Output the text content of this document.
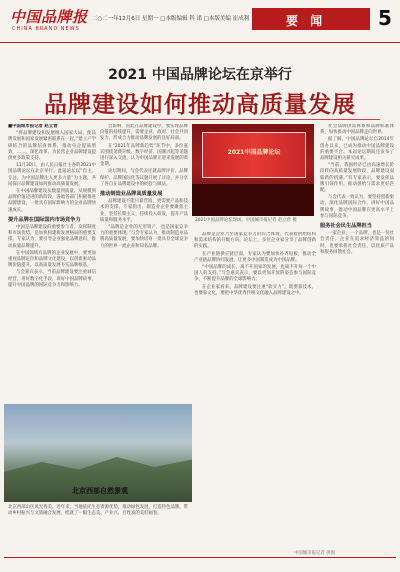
中国品牌报
CHINA BRAND NEWS
二○二一年12月6日 星期一 □本版编辑 科 诺 □本版美编 崔成利	要 闻	5
2021 中国品牌论坛在京举行
品牌建设如何推动高质量发展

■中国城市报记者 赵立营

“将品牌建设和发展纳入国家大局，使品牌发展和国家发展紧密联系在一起，”建立产学研结合的品牌培育体系，推动央企提质增效，……，深化改革，为民营企业品牌建设提供更多政策支持。

11月30日，由人民日报社主办的2021中国品牌论坛在北京举行。此届论坛以“自主、专注，为中国品牌注入更多力量”为主题，共同探讨品牌建设如何推动高质量发展。

在中国品牌建设从数量到质量、从规模到品牌价值迈进的新阶段，各地各部门积极推进品牌建设，一批具有国际影响力的企业品牌快速成长。

提升品牌在国际国内市场竞争力

中国是品牌建设的重要参与者，发挥制度和市场优势，是加快构建新发展格局的重要支撑。专家认为，要引导企业强化品牌意识，推动质量品牌提升。

在中国领域有品牌的企业发展中，要更加重视品牌定位和品牌文化建设，以创新驱动品牌价值提升，以高质量发展夯实品牌根基。

与会嘉宾表示，当前品牌建设要注重诚信经营，用好数字化手段，讲好中国品牌故事，提升中国品牌的国际竞争力和影响力。

会影响，因此在品牌建设中，要实现品牌价值的持续提升，需要企业、政府、社会共同发力，形成合力推动品牌发展的良好局面。

在“2021年品牌新趋势”环节中，多位嘉宾围绕消费升级、数字经济、国潮兴起等话题进行深入交流，认为中国品牌正迎来发展的黄金期。

论坛期间，与会代表还就品牌评价、品牌保护、品牌国际化等议题开展了讨论，并分享了各自在品牌建设中的经验与做法。

推动制造业品牌高质量发展

品牌建设不能只靠营销，更需要产品和技术的支撑。专家指出，制造业企业要聚焦主业，坚持长期主义，持续投入研发，提升产品质量和服务水平。

“品牌是企业的无形资产，也是国家竞争力的重要体现。”与会专家认为，推动制造业品牌高质量发展，要加快培育一批具有全球竞争力的世界一流企业和知名品牌。

2021中国品牌论坛
2021中国品牌论坛现场。中国城市报记者 赵立营 摄

品牌是企业乃至国家竞争力的综合体现，代表着供给结构和需求结构的升级方向。论坛上，多位企业家分享了品牌创新的实践。

在产业链供应链层面，专家认为要加快补齐短板，推动全产业链品牌协同发展，让更多中国制造成为中国品牌。

“中国品牌的成长，离不开国家的发展，也离不开每一个中国人的支持。”与会嘉宾表示，要以更加开放的姿态参与国际竞争，不断提升品牌的全球影响力。

在企业家看来，品牌建设要注重“软实力”，既要靠技术，也要靠文化，要把中华优秀传统文化融入品牌建设之中。

社会品牌供需体系和品牌标准体系，加快推动中国品牌走向世界。

据了解，中国品牌论坛自2014年创办以来，已成为推动中国品牌建设的重要平台。本届论坛期间还发布了品牌建设相关研究成果。

“当前，我国经济已由高速增长阶段转向高质量发展阶段，品牌建设面临新的机遇。”有专家表示，要发挥品牌引领作用，推动供给与需求更好匹配。

与会代表一致认为，要坚持创新驱动，深化品牌国际合作，讲好中国品牌故事，推动中国品牌在更高水平上参与国际竞争。

服务社会民生品牌担当

一家企业，一个品牌，也是一份社会责任。企业在追求经济效益的同时，也要承担社会责任，以优质产品和服务回馈社会。

北京西部自然景观
北京西部山区风光秀美。近年来，当地依托生态资源优势，推动绿色发展，打造特色品牌，带动乡村振兴与文旅融合发展，绘就了一幅生态美、产业兴、百姓富的美好画卷。
中国城市报记者 供图
